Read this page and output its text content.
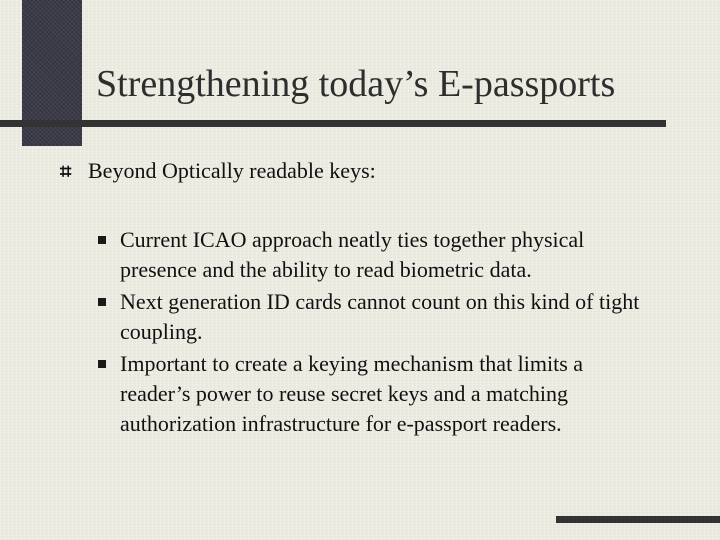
Strengthening today’s E-passports
⌗ Beyond Optically readable keys:
Current ICAO approach neatly ties together physical presence and the ability to read biometric data.
Next generation ID cards cannot count on this kind of tight coupling.
Important to create a keying mechanism that limits a reader’s power to reuse secret keys and a matching authorization infrastructure for e-passport readers.
